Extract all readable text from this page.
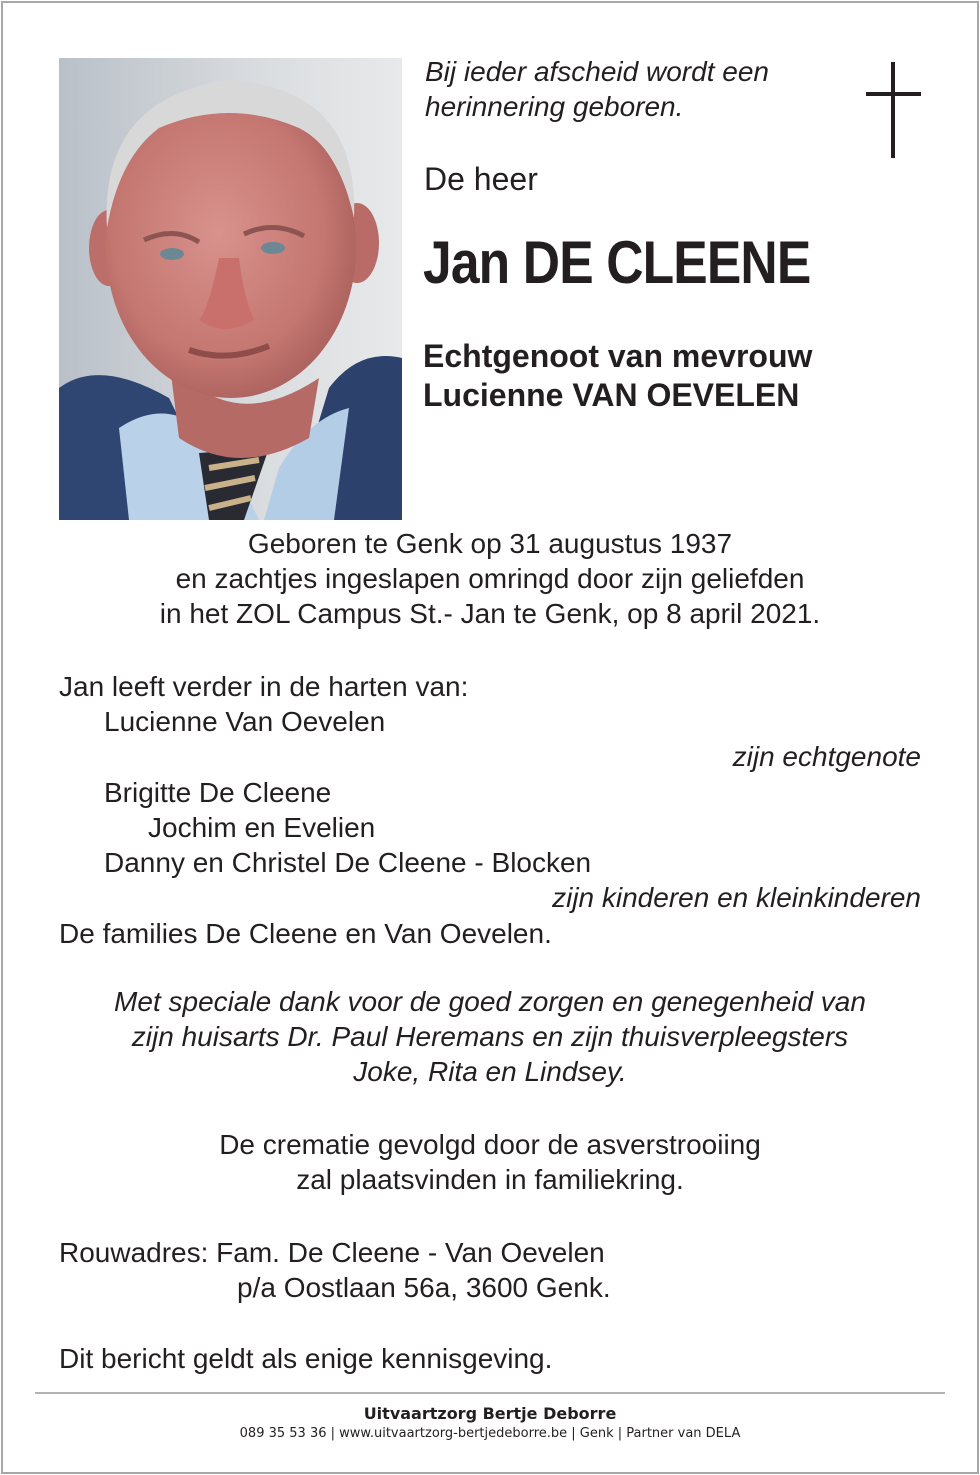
Bij ieder afscheid wordt een
herinnering geboren.
De heer
Jan DE CLEENE
Echtgenoot van mevrouw
Lucienne VAN OEVELEN
Geboren te Genk op 31 augustus 1937
en zachtjes ingeslapen omringd door zijn geliefden
in het ZOL Campus St.- Jan te Genk, op 8 april 2021.
Jan leeft verder in de harten van:
Lucienne Van Oevelen
zijn echtgenote
Brigitte De Cleene
Jochim en Evelien
Danny en Christel De Cleene - Blocken
zijn kinderen en kleinkinderen
De families De Cleene en Van Oevelen.
Met speciale dank voor de goed zorgen en genegenheid van
zijn huisarts Dr. Paul Heremans en zijn thuisverpleegsters
Joke, Rita en Lindsey.
De crematie gevolgd door de asverstrooiing
zal plaatsvinden in familiekring.
Rouwadres: Fam. De Cleene - Van Oevelen
p/a Oostlaan 56a, 3600 Genk.
Dit bericht geldt als enige kennisgeving.
Uitvaartzorg Bertje Deborre
089 35 53 36 | www.uitvaartzorg-bertjedeborre.be | Genk | Partner van DELA
